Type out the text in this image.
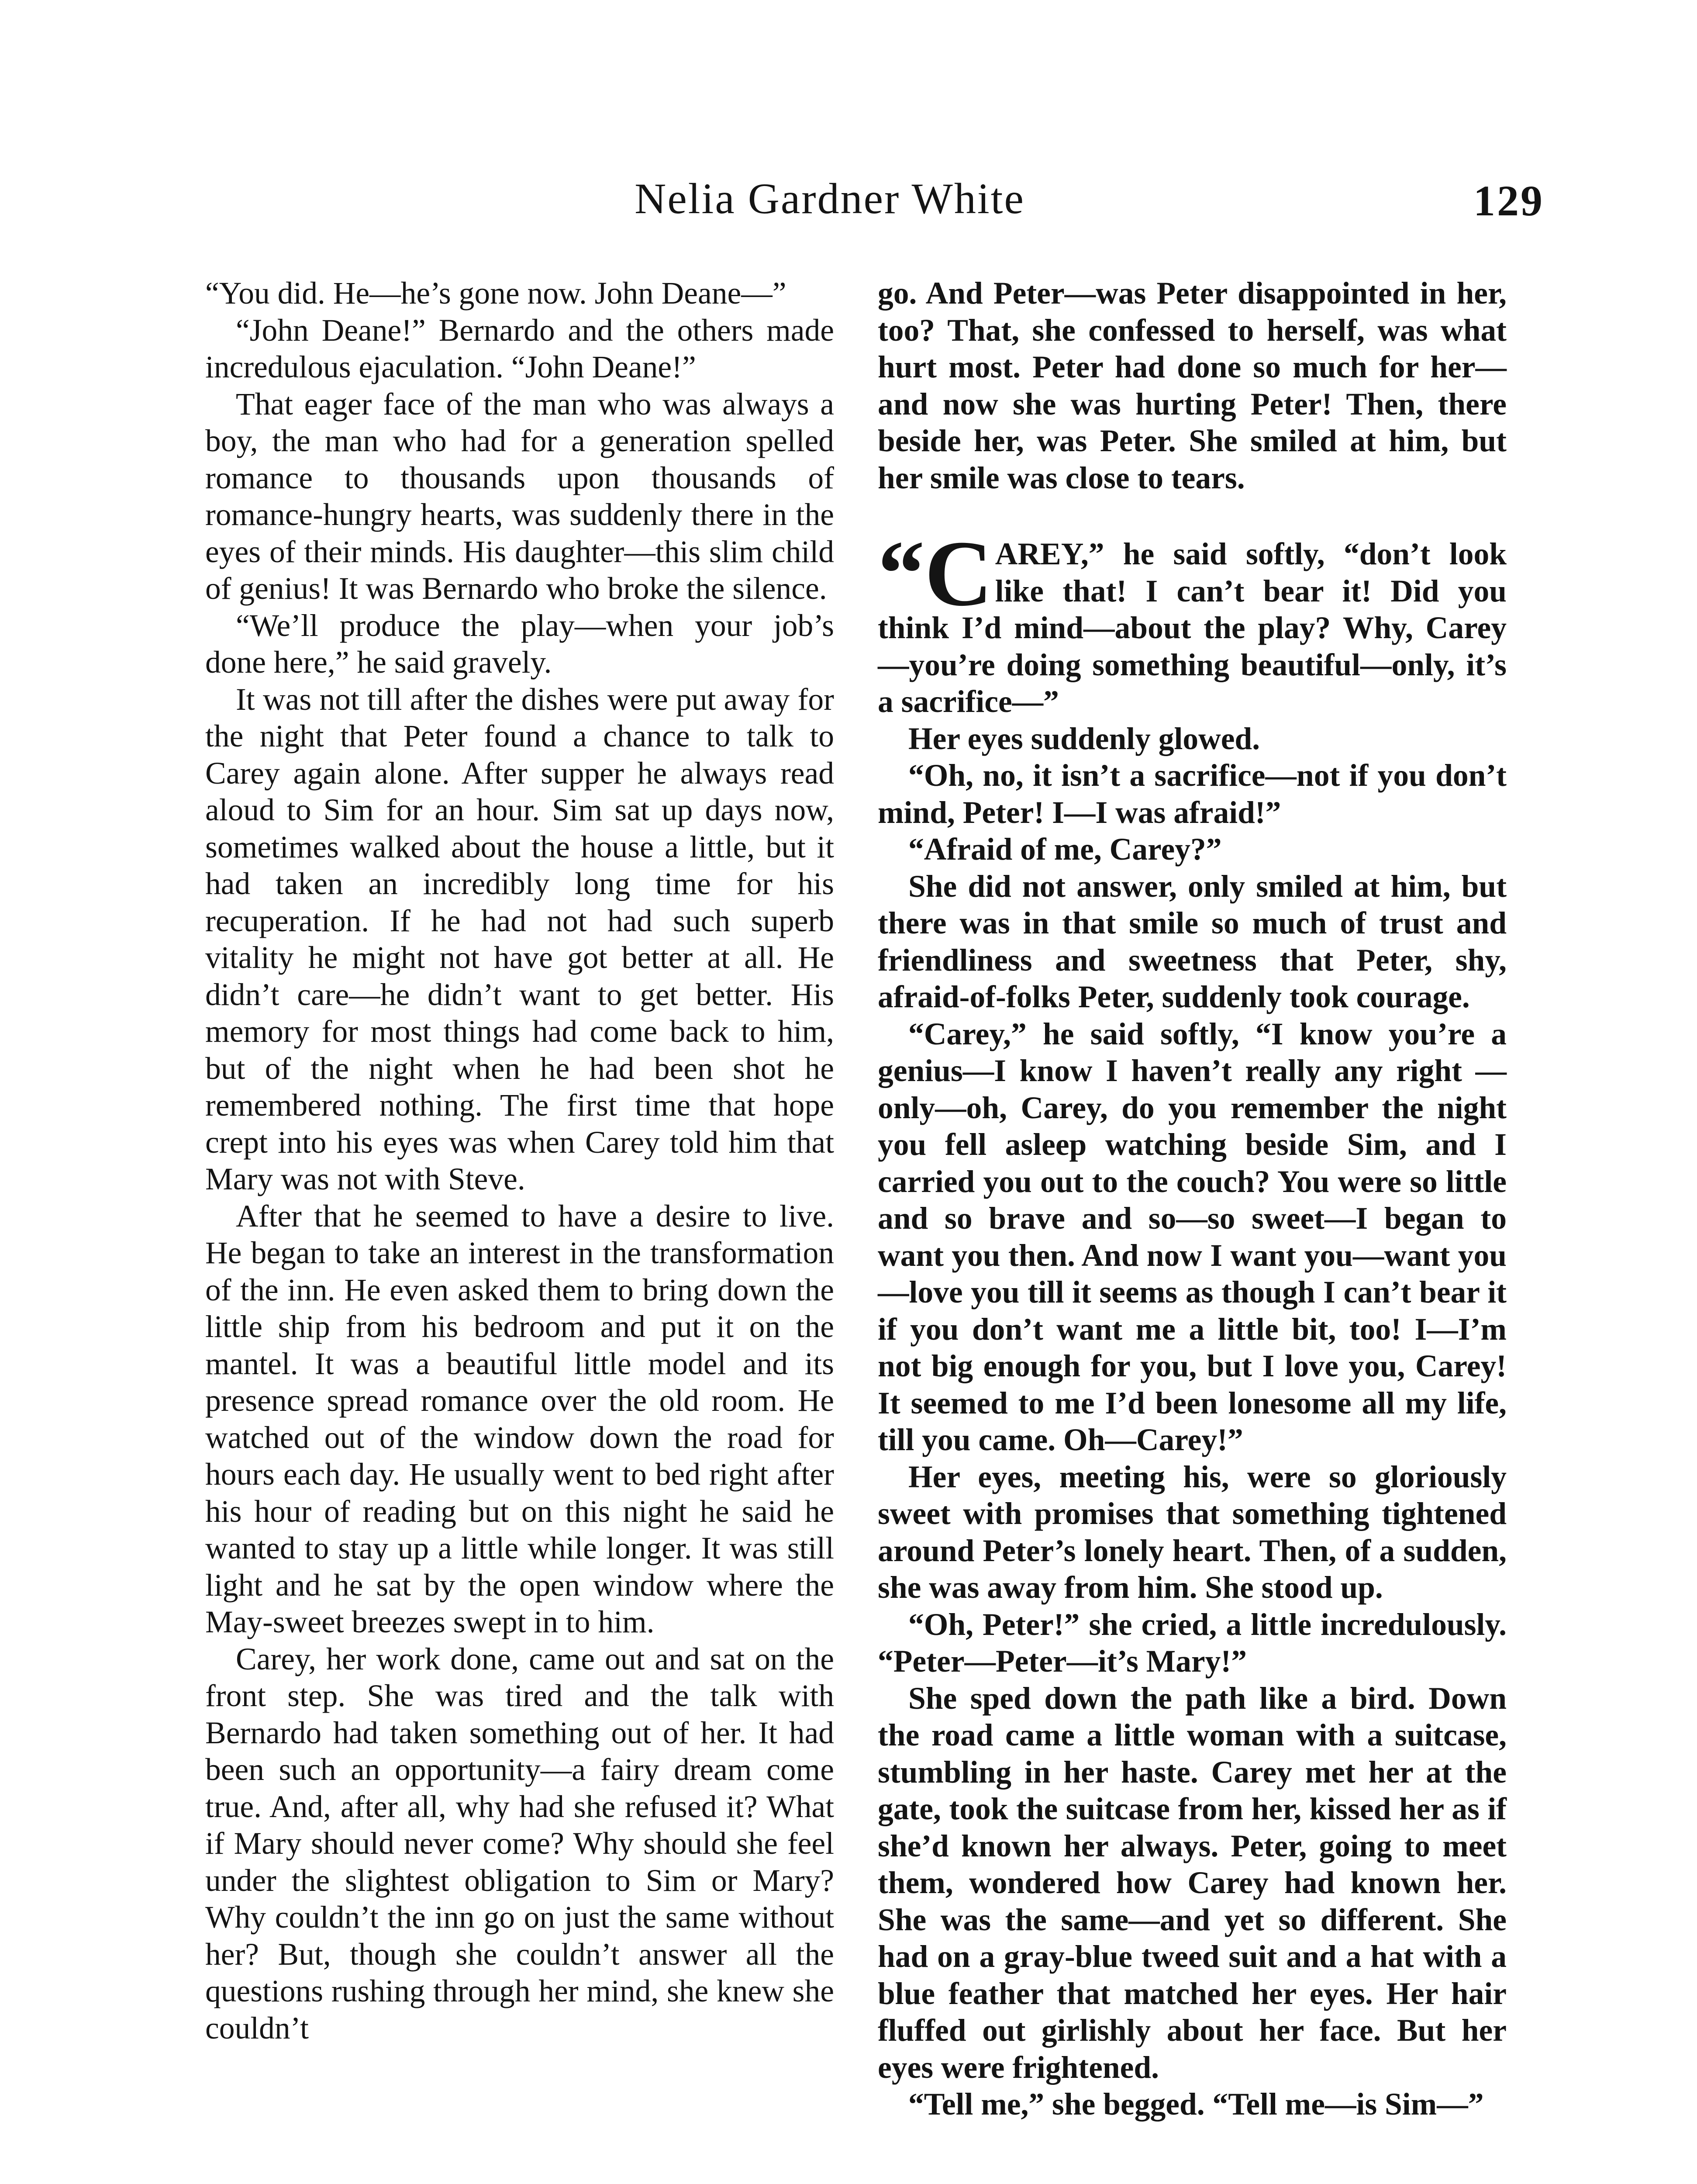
Nelia Gardner White	129

“You did. He—he’s gone now. John Deane—”

“John Deane!” Bernardo and the others made incredulous ejaculation. “John Deane!”

That eager face of the man who was always a boy, the man who had for a generation spelled romance to thousands upon thousands of romance-hungry hearts, was suddenly there in the eyes of their minds. His daughter—this slim child of genius! It was Bernardo who broke the silence.

“We’ll produce the play—when your job’s done here,” he said gravely.

It was not till after the dishes were put away for the night that Peter found a chance to talk to Carey again alone. After supper he always read aloud to Sim for an hour. Sim sat up days now, sometimes walked about the house a little, but it had taken an incredibly long time for his recuperation. If he had not had such superb vitality he might not have got better at all. He didn’t care—he didn’t want to get better. His memory for most things had come back to him, but of the night when he had been shot he remembered nothing. The first time that hope crept into his eyes was when Carey told him that Mary was not with Steve.

After that he seemed to have a desire to live. He began to take an interest in the transformation of the inn. He even asked them to bring down the little ship from his bedroom and put it on the mantel. It was a beautiful little model and its presence spread romance over the old room. He watched out of the window down the road for hours each day. He usually went to bed right after his hour of reading but on this night he said he wanted to stay up a little while longer. It was still light and he sat by the open window where the May-sweet breezes swept in to him.

Carey, her work done, came out and sat on the front step. She was tired and the talk with Bernardo had taken something out of her. It had been such an opportunity—a fairy dream come true. And, after all, why had she refused it? What if Mary should never come? Why should she feel under the slightest obligation to Sim or Mary? Why couldn’t the inn go on just the same without her? But, though she couldn’t answer all the questions rushing through her mind, she knew she couldn’t

go. And Peter—was Peter disappointed in her, too? That, she confessed to herself, was what hurt most. Peter had done so much for her—and now she was hurting Peter! Then, there beside her, was Peter. She smiled at him, but her smile was close to tears.

“C AREY,” he said softly, “don’t look like that! I can’t bear it! Did you think I’d mind—about the play? Why, Carey—you’re doing something beautiful—only, it’s a sacrifice—”

Her eyes suddenly glowed.

“Oh, no, it isn’t a sacrifice—not if you don’t mind, Peter! I—I was afraid!”

“Afraid of me, Carey?”

She did not answer, only smiled at him, but there was in that smile so much of trust and friendliness and sweetness that Peter, shy, afraid-of-folks Peter, suddenly took courage.

“Carey,” he said softly, “I know you’re a genius—I know I haven’t really any right —only—oh, Carey, do you remember the night you fell asleep watching beside Sim, and I carried you out to the couch? You were so little and so brave and so—so sweet—I began to want you then. And now I want you—want you—love you till it seems as though I can’t bear it if you don’t want me a little bit, too! I—I’m not big enough for you, but I love you, Carey! It seemed to me I’d been lonesome all my life, till you came. Oh—Carey!”

Her eyes, meeting his, were so gloriously sweet with promises that something tightened around Peter’s lonely heart. Then, of a sudden, she was away from him. She stood up.

“Oh, Peter!” she cried, a little incredulously. “Peter—Peter—it’s Mary!”

She sped down the path like a bird. Down the road came a little woman with a suitcase, stumbling in her haste. Carey met her at the gate, took the suitcase from her, kissed her as if she’d known her always. Peter, going to meet them, wondered how Carey had known her. She was the same—and yet so different. She had on a gray-blue tweed suit and a hat with a blue feather that matched her eyes. Her hair fluffed out girlishly about her face. But her eyes were frightened.

“Tell me,” she begged. “Tell me—is Sim—”
